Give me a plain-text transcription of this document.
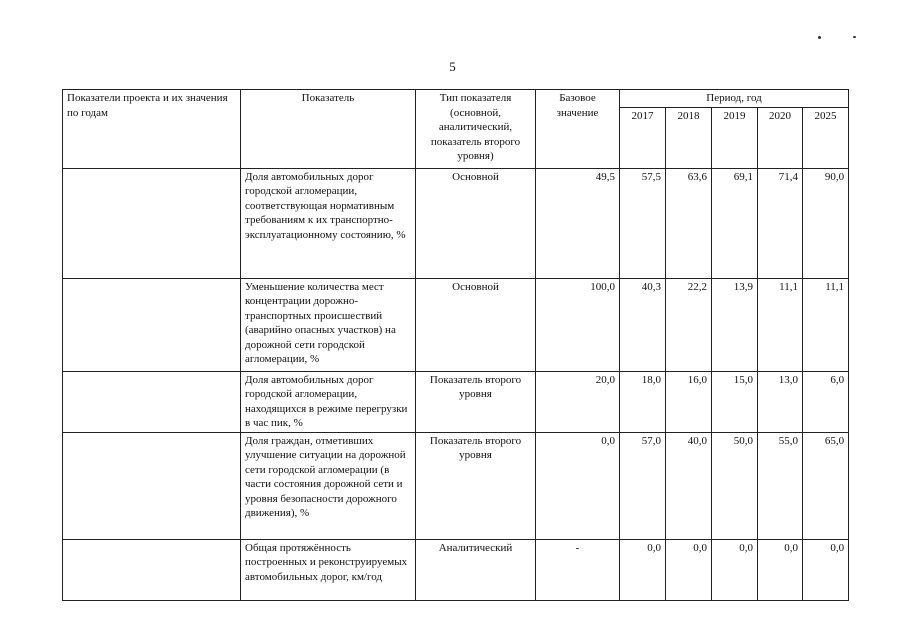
5
Показатели проекта и их значения по годам	Показатель	Тип показателя (основной, аналитический, показатель второго уровня)	Базовое значение	Период, год				
				2017	2018	2019	2020	2025
	Доля автомобильных дорог городской агломерации, соответствующая нормативным требованиям к их транспортно-эксплуатационному состоянию, %	Основной	49,5	57,5	63,6	69,1	71,4	90,0
	Уменьшение количества мест концентрации дорожно-транспортных происшествий (аварийно опасных участков) на дорожной сети городской агломерации, %	Основной	100,0	40,3	22,2	13,9	11,1	11,1
	Доля автомобильных дорог городской агломерации, находящихся в режиме перегрузки в час пик, %	Показатель второго уровня	20,0	18,0	16,0	15,0	13,0	6,0
	Доля граждан, отметивших улучшение ситуации на дорожной сети городской агломерации (в части состояния дорожной сети и уровня безопасности дорожного движения), %	Показатель второго уровня	0,0	57,0	40,0	50,0	55,0	65,0
	Общая протяжённость построенных и реконструируемых автомобильных дорог, км/год	Аналитический	-	0,0	0,0	0,0	0,0	0,0
